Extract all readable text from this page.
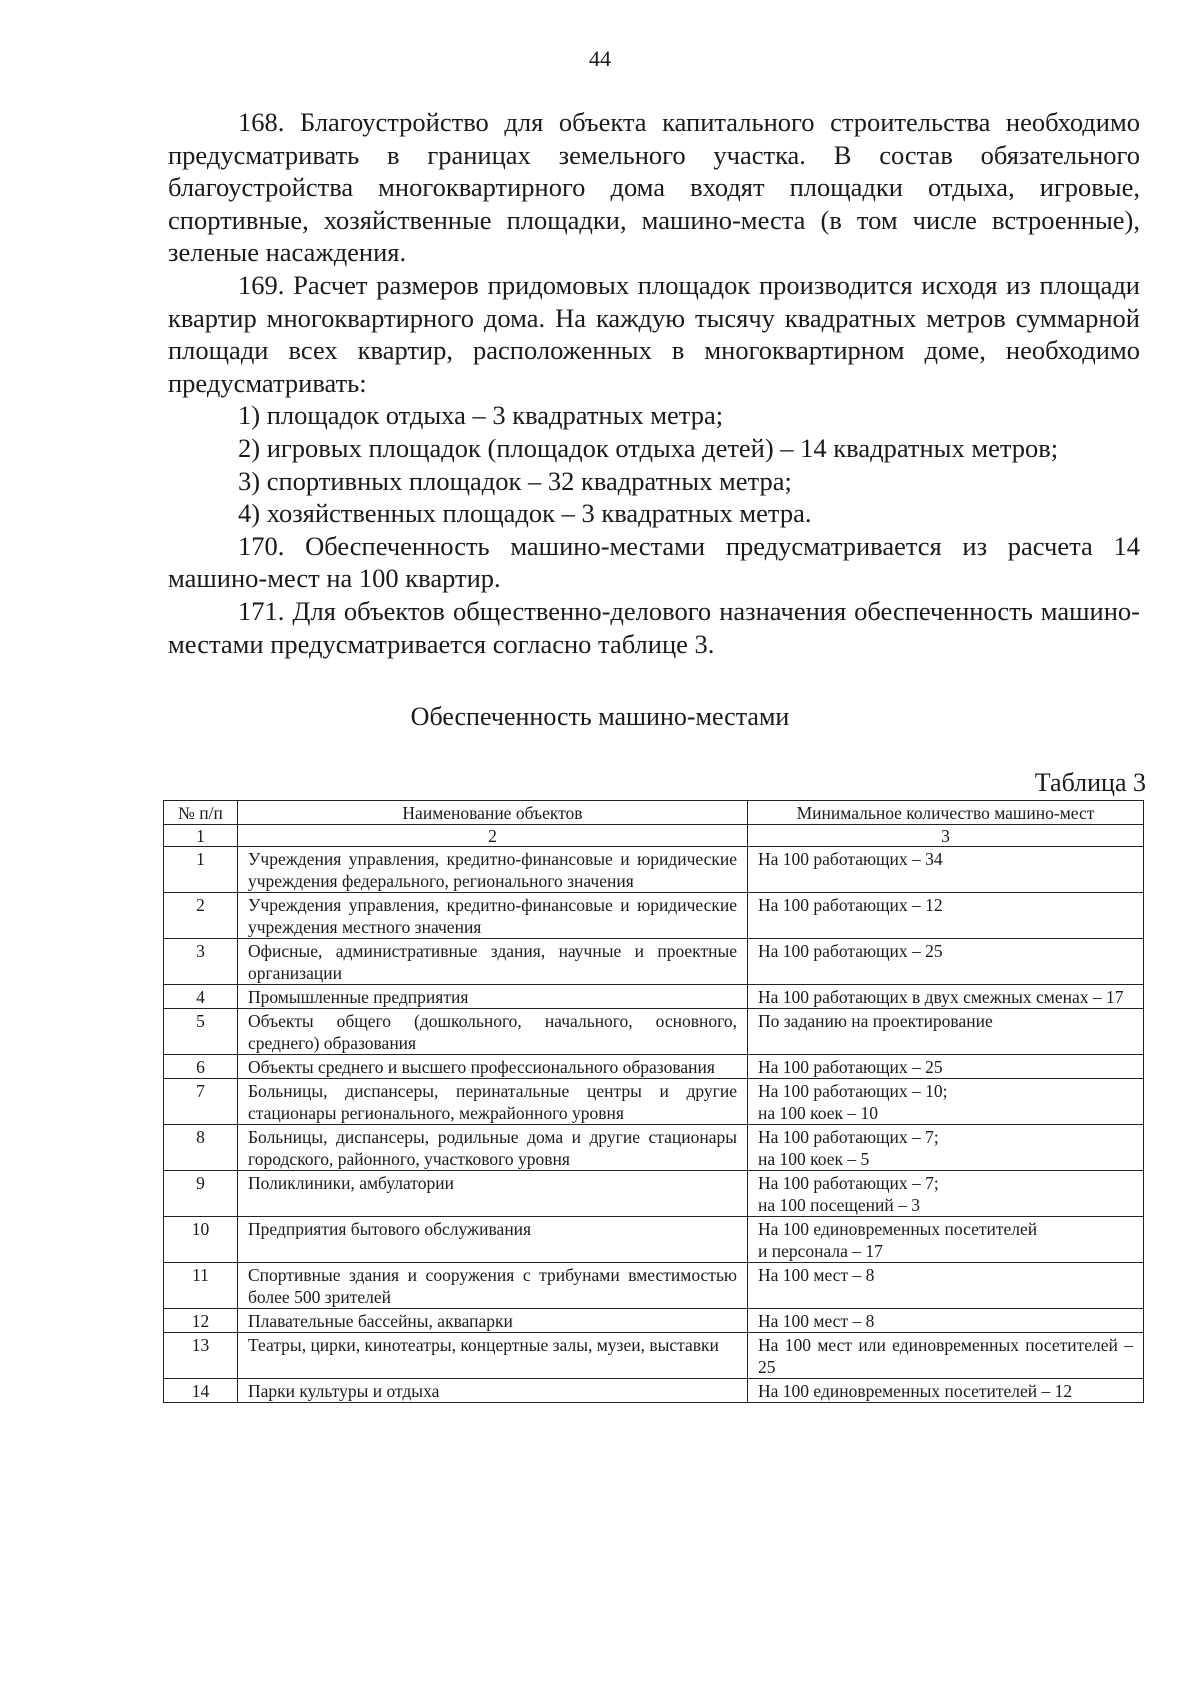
44

168. Благоустройство для объекта капитального строительства необходимо предусматривать в границах земельного участка. В состав обязательного благоустройства многоквартирного дома входят площадки отдыха, игровые, спортивные, хозяйственные площадки, машино-места (в том числе встроенные), зеленые насаждения.

169. Расчет размеров придомовых площадок производится исходя из площади квартир многоквартирного дома. На каждую тысячу квадратных метров суммарной площади всех квартир, расположенных в многоквартирном доме, необходимо предусматривать:

1) площадок отдыха – 3 квадратных метра;

2) игровых площадок (площадок отдыха детей) – 14 квадратных метров;

3) спортивных площадок – 32 квадратных метра;

4) хозяйственных площадок – 3 квадратных метра.

170. Обеспеченность машино-местами предусматривается из расчета 14 машино-мест на 100 квартир.

171. Для объектов общественно-делового назначения обеспеченность машино-местами предусматривается согласно таблице 3.

Обеспеченность машино-местами
Таблица 3
№ п/п	Наименование объектов	Минимальное количество машино-мест
1	2	3
1	Учреждения управления, кредитно-финансовые и юридические учреждения федерального, регионального значения	На 100 работающих – 34
2	Учреждения управления, кредитно-финансовые и юридические учреждения местного значения	На 100 работающих – 12
3	Офисные, административные здания, научные и проектные организации	На 100 работающих – 25
4	Промышленные предприятия	На 100 работающих в двух смежных сменах – 17
5	Объекты общего (дошкольного, начального, основного, среднего) образования	По заданию на проектирование
6	Объекты среднего и высшего профессионального образования	На 100 работающих – 25
7	Больницы, диспансеры, перинатальные центры и другие стационары регионального, межрайонного уровня	На 100 работающих – 10;
на 100 коек – 10
8	Больницы, диспансеры, родильные дома и другие стационары городского, районного, участкового уровня	На 100 работающих – 7;
на 100 коек – 5
9	Поликлиники, амбулатории	На 100 работающих – 7;
на 100 посещений – 3
10	Предприятия бытового обслуживания	На 100 единовременных посетителей
и персонала – 17
11	Спортивные здания и сооружения с трибунами вместимостью более 500 зрителей	На 100 мест – 8
12	Плавательные бассейны, аквапарки	На 100 мест – 8
13	Театры, цирки, кинотеатры, концертные залы, музеи, выставки	На 100 мест или единовременных посетителей – 25
14	Парки культуры и отдыха	На 100 единовременных посетителей – 12
